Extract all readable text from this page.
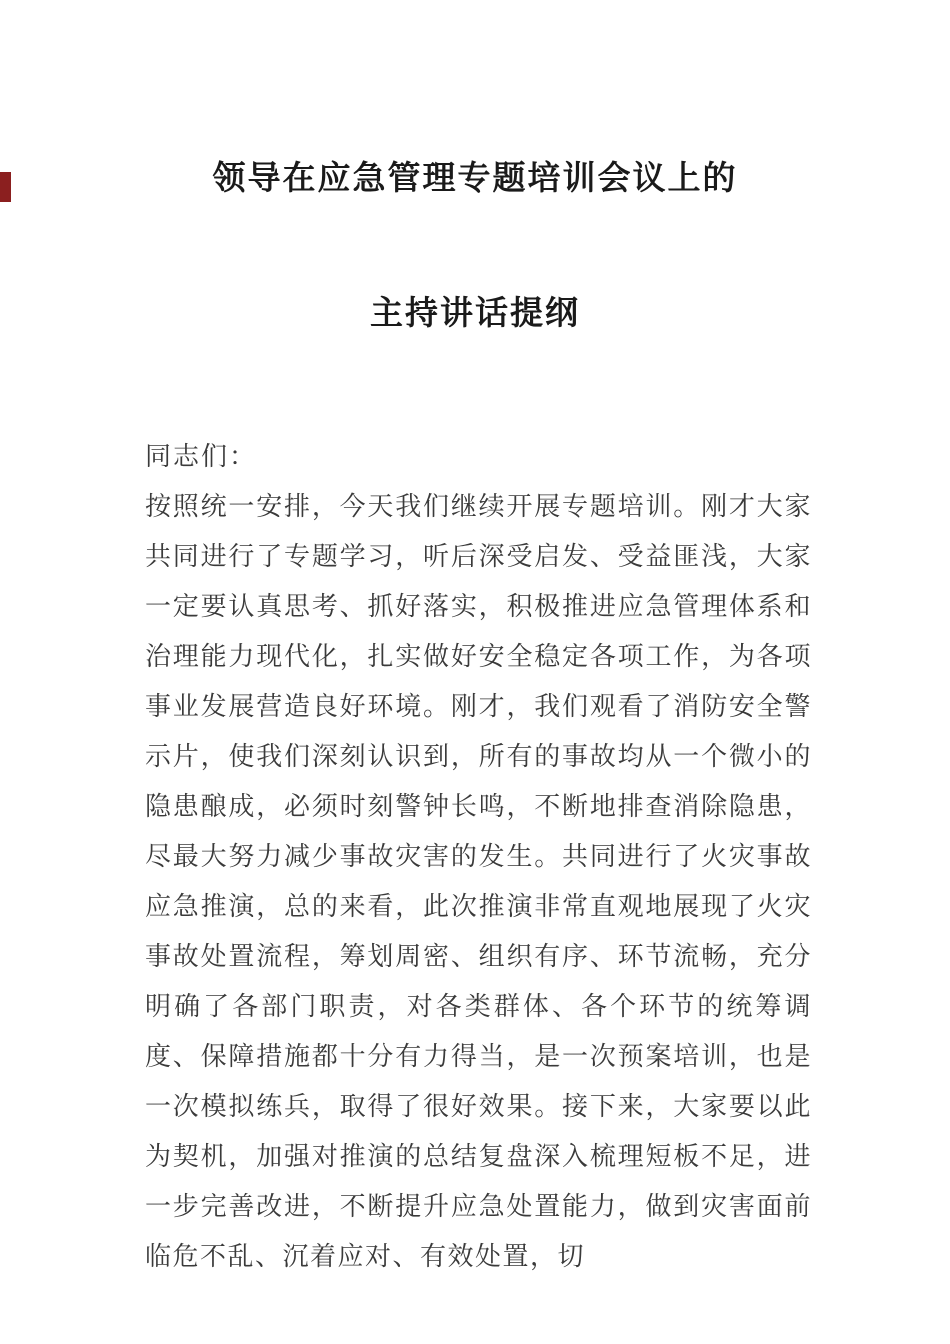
领导在应急管理专题培训会议上的
主持讲话提纲

同志们：

按照统一安排，今天我们继续开展专题培训。刚才大家共同进行了专题学习，听后深受启发、受益匪浅，大家一定要认真思考、抓好落实，积极推进应急管理体系和治理能力现代化，扎实做好安全稳定各项工作，为各项事业发展营造良好环境。刚才，我们观看了消防安全警示片，使我们深刻认识到，所有的事故均从一个微小的隐患酿成，必须时刻警钟长鸣，不断地排查消除隐患，尽最大努力减少事故灾害的发生。共同进行了火灾事故应急推演，总的来看，此次推演非常直观地展现了火灾事故处置流程，筹划周密、组织有序、环节流畅，充分明确了各部门职责，对各类群体、各个环节的统筹调度、保障措施都十分有力得当，是一次预案培训，也是一次模拟练兵，取得了很好效果。接下来，大家要以此为契机，加强对推演的总结复盘深入梳理短板不足，进一步完善改进，不断提升应急处置能力，做到灾害面前临危不乱、沉着应对、有效处置，切
